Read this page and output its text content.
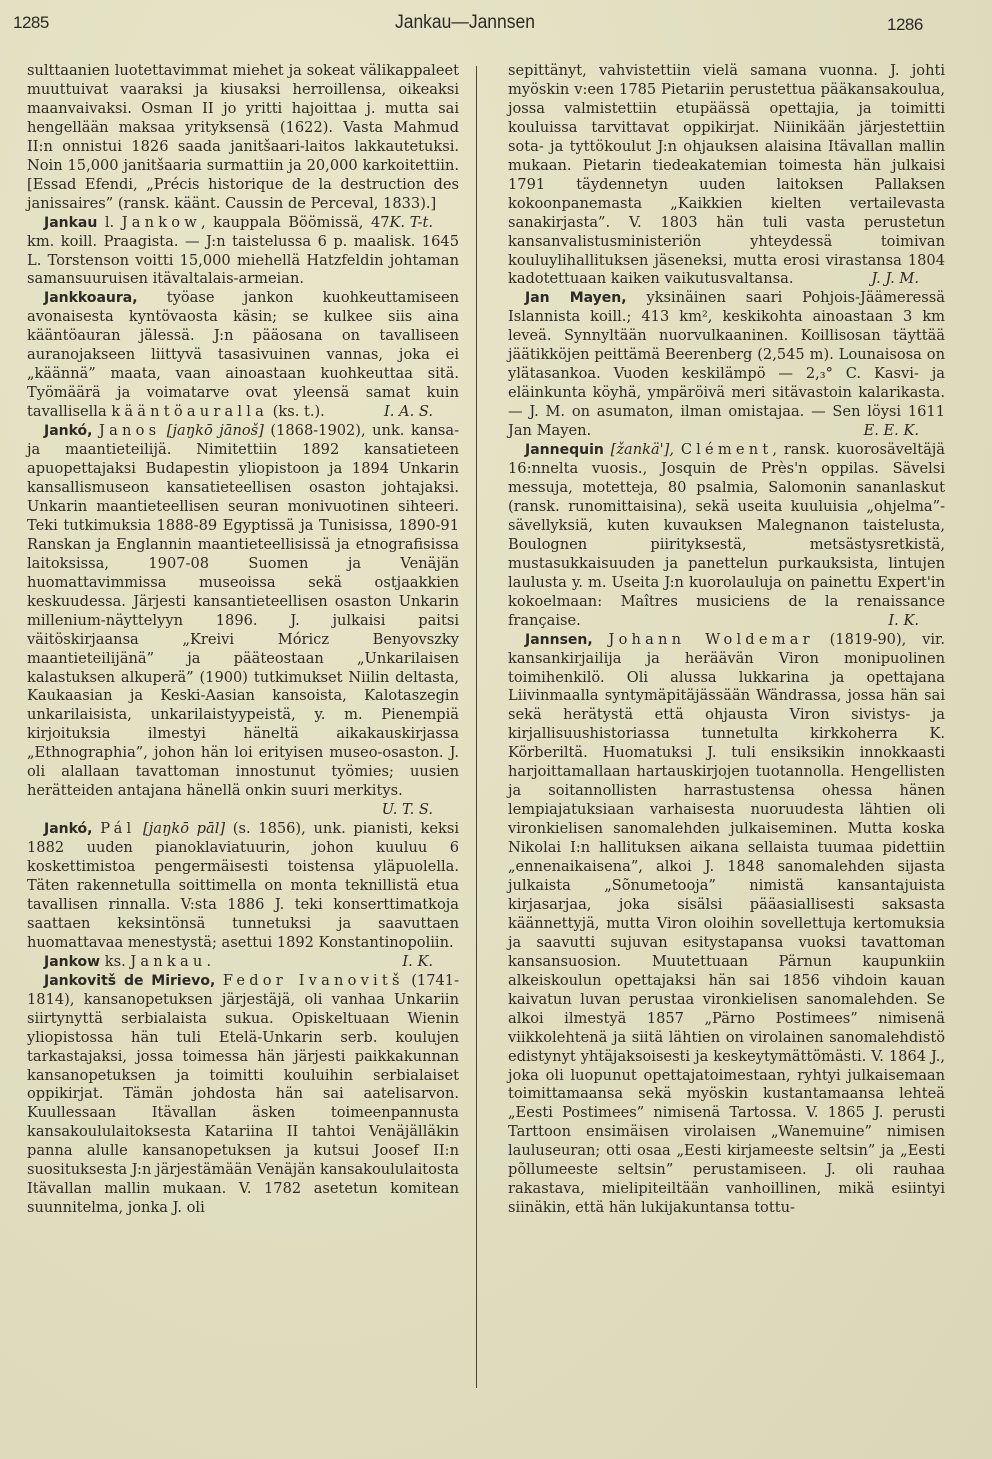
1285	Jankau—Jannsen	1286

sulttaanien luotettavimmat miehet ja sokeat välikappaleet muuttuivat vaaraksi ja kiusaksi herroillensa, oikeaksi maanvaivaksi. Osman II jo yritti hajoittaa j. mutta sai hengellään maksaa yrityksensä (1622). Vasta Mahmud II:n onnistui 1826 saada janitšaari-laitos lakkautetuksi. Noin 15,000 janitšaaria surmattiin ja 20,000 karkoitettiin. [Essad Efendi, „Précis historique de la destruction des janissaires” (ransk. käänt. Caussin de Perceval, 1833).]
K. T-t.

Jankau l. Jankow, kauppala Böömissä, 47 km. koill. Praagista. — J:n taistelussa 6 p. maalisk. 1645 L. Torstenson voitti 15,000 miehellä Hatzfeldin johtaman samansuuruisen itävaltalais-armeian.

Jankkoaura, työase jankon kuohkeuttamiseen avonaisesta kyntövaosta käsin; se kulkee siis aina kääntöauran jälessä. J:n pääosana on tavalliseen auranojakseen liittyvä tasasivuinen vannas, joka ei „käännä” maata, vaan ainoastaan kuohkeuttaa sitä. Työmäärä ja voimatarve ovat yleensä samat kuin tavallisella kääntöauralla (ks. t.).	I. A. S.

Jankó, Janos [jaŋkō jānoš] (1868-1902), unk. kansa- ja maantieteilijä. Nimitettiin 1892 kansatieteen apuopettajaksi Budapestin yliopistoon ja 1894 Unkarin kansallismuseon kansatieteellisen osaston johtajaksi. Unkarin maantieteellisen seuran monivuotinen sihteeri. Teki tutkimuksia 1888-89 Egyptissä ja Tunisissa, 1890-91 Ranskan ja Englannin maantieteellisissä ja etnografisissa laitoksissa, 1907-08 Suomen ja Venäjän huomattavimmissa museoissa sekä ostjaakkien keskuudessa. Järjesti kansantieteellisen osaston Unkarin millenium-näyttelyyn 1896. J. julkaisi paitsi väitöskirjaansa „Kreivi Móricz Benyovszky maantieteilijänä” ja pääteostaan „Unkarilaisen kalastuksen alkuperä” (1900) tutkimukset Niilin deltasta, Kaukaasian ja Keski-Aasian kansoista, Kalotaszegin unkarilaisista, unkarilaistyypeistä, y. m. Pienempiä kirjoituksia ilmestyi häneltä aikakauskirjassa „Ethnographia”, johon hän loi erityisen museo-osaston. J. oli alallaan tavattoman innostunut työmies; uusien herätteiden antajana hänellä onkin suuri merkitys.
U. T. S.

Jankó, Pál [jaŋkō pāl] (s. 1856), unk. pianisti, keksi 1882 uuden pianoklaviatuurin, johon kuuluu 6 koskettimistoa pengermäisesti toistensa yläpuolella. Täten rakennetulla soittimella on monta teknillistä etua tavallisen rinnalla. V:sta 1886 J. teki konserttimatkoja saattaen keksintönsä tunnetuksi ja saavuttaen huomattavaa menestystä; asettui 1892 Konstantinopoliin.
I. K.

Jankow ks. Jankau.

Jankovitš de Mirievo, Fedor Ivanovitš (1741-1814), kansanopetuksen järjestäjä, oli vanhaa Unkariin siirtynyttä serbialaista sukua. Opiskeltuaan Wienin yliopistossa hän tuli Etelä-Unkarin serb. koulujen tarkastajaksi, jossa toimessa hän järjesti paikkakunnan kansanopetuksen ja toimitti kouluihin serbialaiset oppikirjat. Tämän johdosta hän sai aatelisarvon. Kuullessaan Itävallan äsken toimeenpannusta kansakoululaitoksesta Katariina II tahtoi Venäjälläkin panna alulle kansanopetuksen ja kutsui Joosef II:n suosituksesta J:n järjestämään Venäjän kansakoululaitosta Itävallan mallin mukaan. V. 1782 asetetun komitean suunnitelma, jonka J. oli

sepittänyt, vahvistettiin vielä samana vuonna. J. johti myöskin v:een 1785 Pietariin perustettua pääkansakoulua, jossa valmistettiin etupäässä opettajia, ja toimitti kouluissa tarvittavat oppikirjat. Niinikään järjestettiin sota- ja tyttökoulut J:n ohjauksen alaisina Itävallan mallin mukaan. Pietarin tiedeakatemian toimesta hän julkaisi 1791 täydennetyn uuden laitoksen Pallaksen kokoonpanemasta „Kaikkien kielten vertailevasta sanakirjasta”. V. 1803 hän tuli vasta perustetun kansanvalistusministeriön yhteydessä toimivan kouluylihallituksen jäseneksi, mutta erosi virastansa 1804 kadotettuaan kaiken vaikutusvaltansa.	J. J. M.

Jan Mayen, yksinäinen saari Pohjois-Jäämeressä Islannista koill.; 413 km², keskikohta ainoastaan 3 km leveä. Synnyltään nuorvulkaaninen. Koillisosan täyttää jäätikköjen peittämä Beerenberg (2,545 m). Lounaisosa on ylätasankoa. Vuoden keskilämpö — 2,₃° C. Kasvi- ja eläinkunta köyhä, ympäröivä meri sitävastoin kalarikasta. — J. M. on asumaton, ilman omistajaa. — Sen löysi 1611 Jan Mayen.	E. E. K.

Jannequin [žankä'], Clément, ransk. kuorosäveltäjä 16:nnelta vuosis., Josquin de Près'n oppilas. Sävelsi messuja, motetteja, 80 psalmia, Salomonin sananlaskut (ransk. runomittaisina), sekä useita kuuluisia „ohjelma”-sävellyksiä, kuten kuvauksen Malegnanon taistelusta, Boulognen piirityksestä, metsästysretkistä, mustasukkaisuuden ja panettelun purkauksista, lintujen laulusta y. m. Useita J:n kuorolauluja on painettu Expert'in kokoelmaan: Maîtres musiciens de la renaissance française.	I. K.

Jannsen, Johann Woldemar (1819-90), vir. kansankirjailija ja heräävän Viron monipuolinen toimihenkilö. Oli alussa lukkarina ja opettajana Liivinmaalla syntymäpitäjässään Wändrassa, jossa hän sai sekä herätystä että ohjausta Viron sivistys- ja kirjallisuushistoriassa tunnetulta kirkkoherra K. Körberiltä. Huomatuksi J. tuli ensiksikin innokkaasti harjoittamallaan hartauskirjojen tuotannolla. Hengellisten ja soitannollisten harrastustensa ohessa hänen lempiajatuksiaan varhaisesta nuoruudesta lähtien oli vironkielisen sanomalehden julkaiseminen. Mutta koska Nikolai I:n hallituksen aikana sellaista tuumaa pidettiin „ennenaikaisena”, alkoi J. 1848 sanomalehden sijasta julkaista „Sõnumetooja” nimistä kansantajuista kirjasarjaa, joka sisälsi pääasiallisesti saksasta käännettyjä, mutta Viron oloihin sovellettuja kertomuksia ja saavutti sujuvan esitystapansa vuoksi tavattoman kansansuosion. Muutettuaan Pärnun kaupunkiin alkeiskoulun opettajaksi hän sai 1856 vihdoin kauan kaivatun luvan perustaa vironkielisen sanomalehden. Se alkoi ilmestyä 1857 „Pärno Postimees” nimisenä viikkolehtenä ja siitä lähtien on virolainen sanomalehdistö edistynyt yhtäjaksoisesti ja keskeytymättömästi. V. 1864 J., joka oli luopunut opettajatoimestaan, ryhtyi julkaisemaan toimittamaansa sekä myöskin kustantamaansa lehteä „Eesti Postimees” nimisenä Tartossa. V. 1865 J. perusti Tarttoon ensimäisen virolaisen „Wanemuine” nimisen lauluseuran; otti osaa „Eesti kirjameeste seltsin” ja „Eesti põllumeeste seltsin” perustamiseen. J. oli rauhaa rakastava, mielipiteiltään vanhoillinen, mikä esiintyi siinäkin, että hän lukijakuntansa tottu-
